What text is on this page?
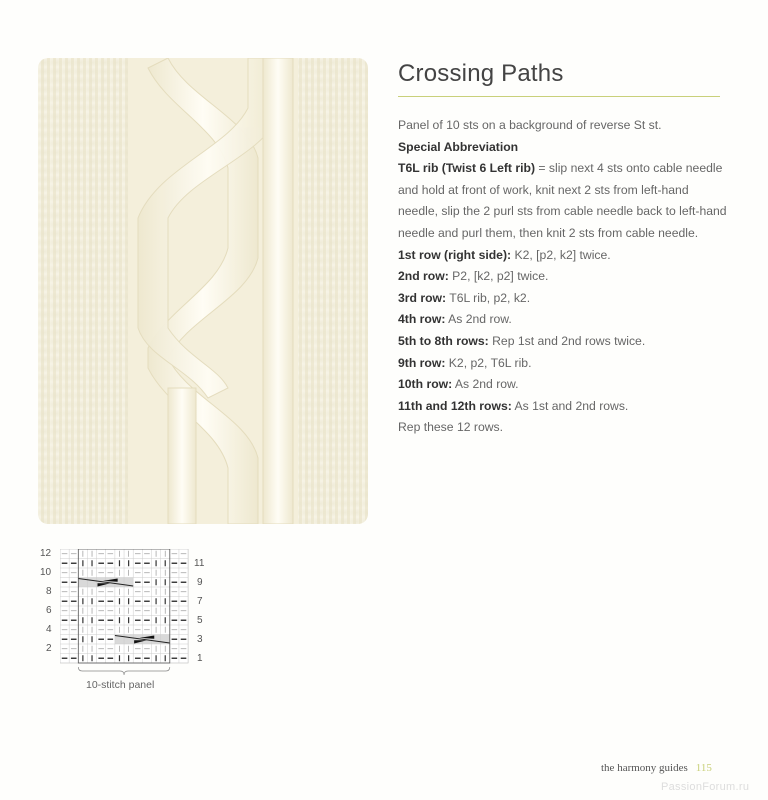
Crossing Paths

Panel of 10 sts on a background of reverse St st.

Special Abbreviation

T6L rib (Twist 6 Left rib) = slip next 4 sts onto cable needle and hold at front of work, knit next 2 sts from left-hand needle, slip the 2 purl sts from cable needle back to left-hand needle and purl them, then knit 2 sts from cable needle.

1st row (right side): K2, [p2, k2] twice.

2nd row: P2, [k2, p2] twice.

3rd row: T6L rib, p2, k2.

4th row: As 2nd row.

5th to 8th rows: Rep 1st and 2nd rows twice.

9th row: K2, p2, T6L rib.

10th row: As 2nd row.

11th and 12th rows: As 1st and 2nd rows.

Rep these 12 rows.

12
10
8
6
4
2
11
9
7
5
3
1
10-stitch panel
the harmony guides 115
PassionForum.ru
